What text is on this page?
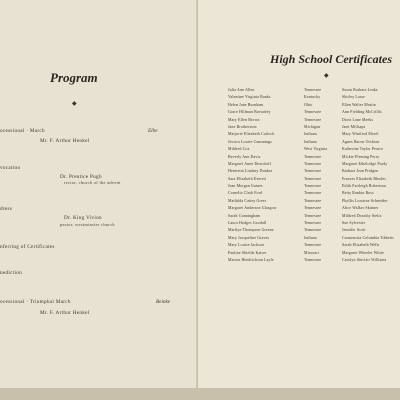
Program
◆
ocessional · March	Elbe
Mr. F. Arthur Henkel
vocation
Dr. Prentice Pugh
rector, church of the advent
dress
Dr. King Vivion
pastor, westminster church
nferring of Certificates
nediction
ocessional · Triumphal March	Beinke
Mr. F. Arthur Henkel
High School Certificates
◆
Julia Ann Allen	Tennessee	Susan Barbara Leake
Valentine Virginia Banks	Kentucky	Shirley Lasse
Helen Jane Burnham	Ohio	Ellen Walter Martin
Grace Hillman Brownley	Tennessee	Ann Fielding McCrillis
Mary Ellen Brown	Tennessee	Doris Lane Meeks
Jane Brotherston	Michigan	Jane Millsaps
Marjorie Elizabeth Carlock	Indiana	Mary Winifred Morel
Jessica Louise Cummings	Indiana	Agnes Bacon Orsborn
Mildred Cox	West Virginia	Katherine Taylor Pearce
Beverly Ann Davis	Tennessee	Mickie Fleming Perry
Margaret Anne Deardorff	Tennessee	Margaret Ethelridge Purdy
Henrietta Lindsey Dunbar	Tennessee	Barbara Jean Pridgen
Sara Elizabeth Everett	Tennessee	Frances Elizabeth Rhodes
Jean Morgan Gaines	Tennessee	Edith Fairleigh Robertson
Cornelia Clark Ford	Tennessee	Betty Rankin Ross
Mathilda Cattey Greer	Tennessee	Phyllis Lorraine Schneider
Margaret Anderson Glasgow	Tennessee	Alice Walker Skinner
Sarah Cunningham	Tennessee	Mildred Dorothy Steltz
Laura Hodges Goodall	Tennessee	Sue Sylvester
Marilyn Thompson Greene	Tennessee	Jennifer Scott
Mary Jacqueline Graves	Indiana	Carmencita Columbia Tibbetts
Mary Louise Jackson	Tennessee	Sarah Elizabeth Wells
Pauline Shields Kaiser	Missouri	Margaret Wheeler White
Marion Hendrickson Layle	Tennessee	Carolyn Sinclair Williams
